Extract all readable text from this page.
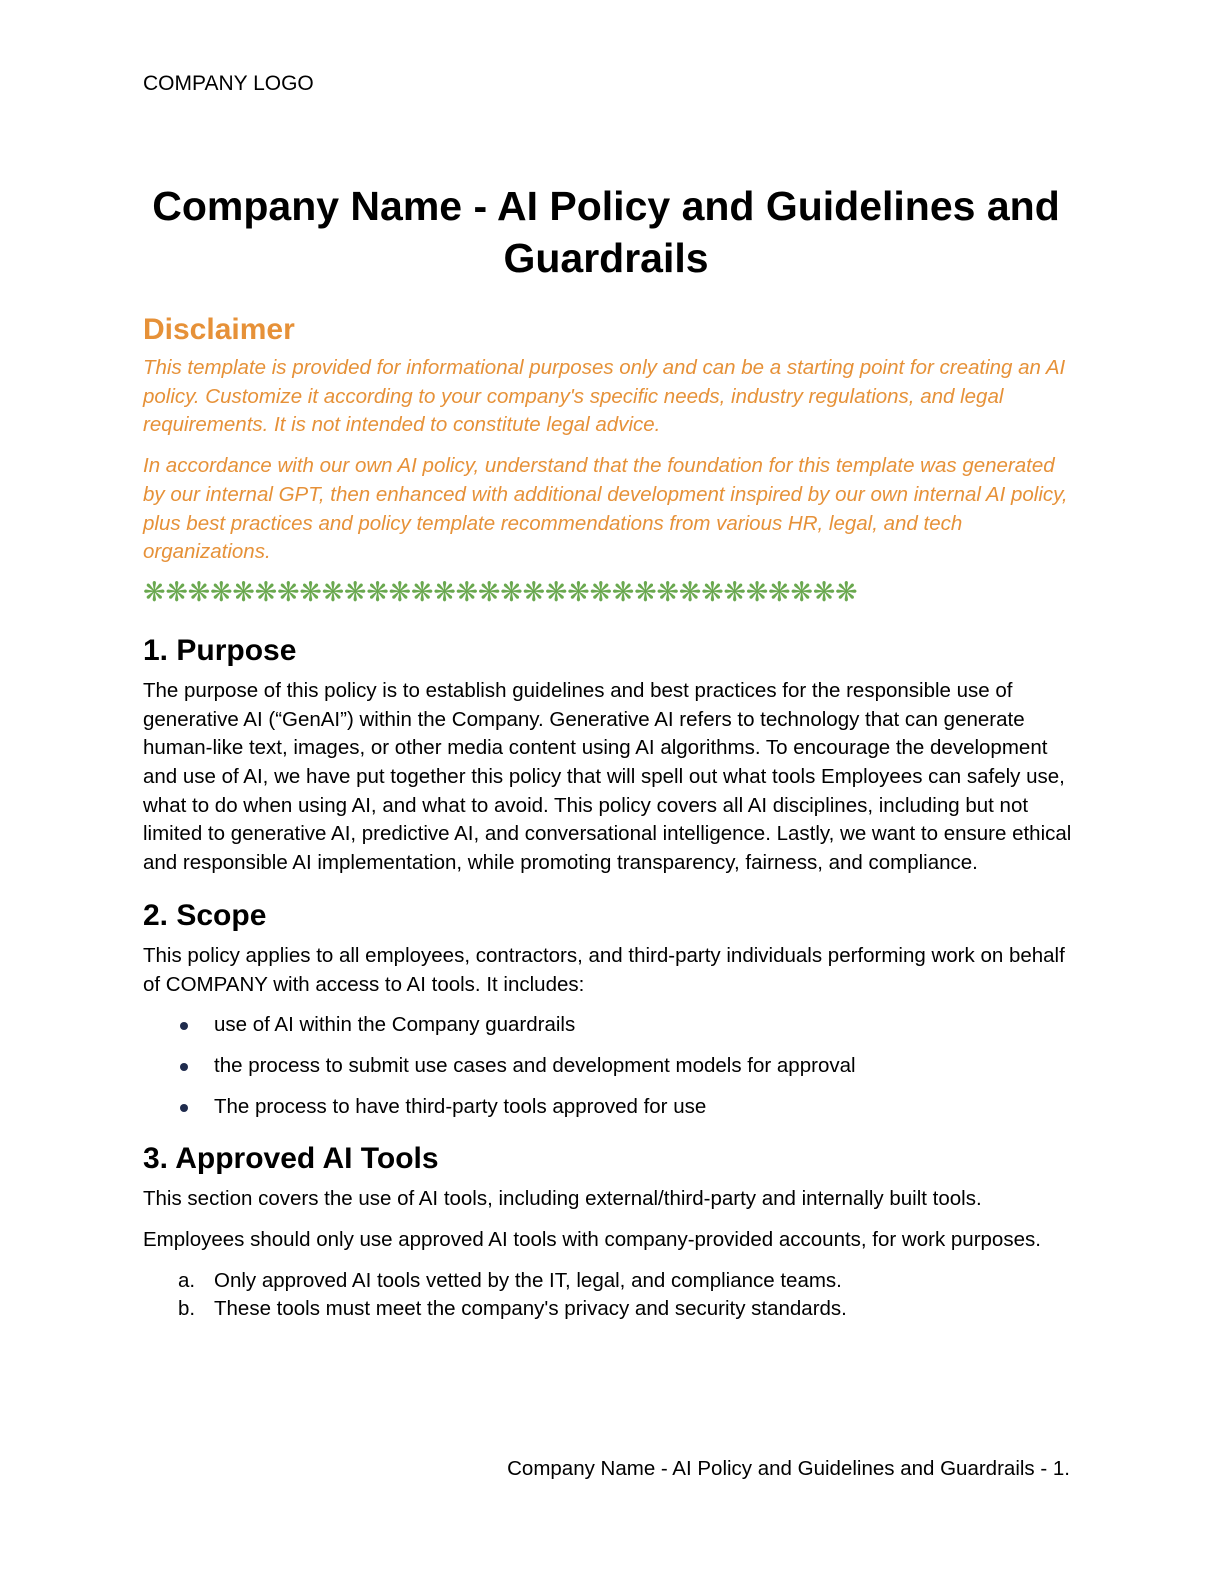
COMPANY LOGO
Company Name - AI Policy and Guidelines and Guardrails
Disclaimer

This template is provided for informational purposes only and can be a starting point for creating an AI policy. Customize it according to your company's specific needs, industry regulations, and legal requirements. It is not intended to constitute legal advice.

In accordance with our own AI policy, understand that the foundation for this template was generated by our internal GPT, then enhanced with additional development inspired by our own internal AI policy, plus best practices and policy template recommendations from various HR, legal, and tech organizations.

❋❋❋❋❋❋❋❋❋❋❋❋❋❋❋❋❋❋❋❋❋❋❋❋❋❋❋❋❋❋❋❋
1. Purpose

The purpose of this policy is to establish guidelines and best practices for the responsible use of generative AI (“GenAI”) within the Company. Generative AI refers to technology that can generate human-like text, images, or other media content using AI algorithms. To encourage the development and use of AI, we have put together this policy that will spell out what tools Employees can safely use, what to do when using AI, and what to avoid. This policy covers all AI disciplines, including but not limited to generative AI, predictive AI, and conversational intelligence. Lastly, we want to ensure ethical and responsible AI implementation, while promoting transparency, fairness, and compliance.

2. Scope

This policy applies to all employees, contractors, and third-party individuals performing work on behalf of COMPANY with access to AI tools. It includes:

use of AI within the Company guardrails
the process to submit use cases and development models for approval
The process to have third-party tools approved for use
3. Approved AI Tools

This section covers the use of AI tools, including external/third-party and internally built tools.

Employees should only use approved AI tools with company-provided accounts, for work purposes.

a. Only approved AI tools vetted by the IT, legal, and compliance teams.
b. These tools must meet the company's privacy and security standards.
Company Name - AI Policy and Guidelines and Guardrails - 1.
